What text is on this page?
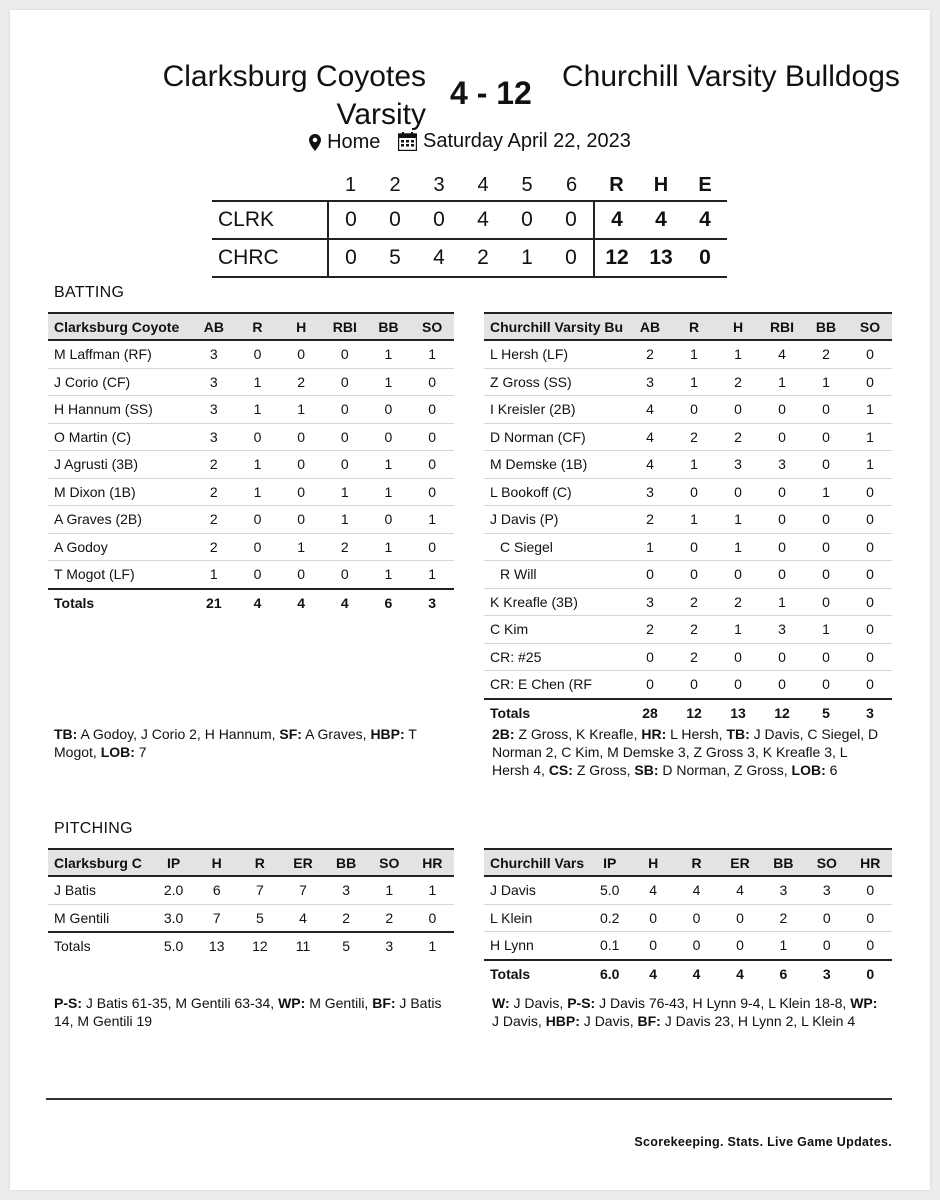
Clarksburg Coyotes Varsity
4 - 12 Churchill Varsity Bulldogs
Home
Saturday April 22, 2023
	1	2	3	4	5	6	R	H	E
CLRK	0	0	0	4	0	0	4	4	4
CHRC	0	5	4	2	1	0	12	13	0
BATTING
Clarksburg Coyote	AB	R	H	RBI	BB	SO
M Laffman (RF)	3	0	0	0	1	1
J Corio (CF)	3	1	2	0	1	0
H Hannum (SS)	3	1	1	0	0	0
O Martin (C)	3	0	0	0	0	0
J Agrusti (3B)	2	1	0	0	1	0
M Dixon (1B)	2	1	0	1	1	0
A Graves (2B)	2	0	0	1	0	1
A Godoy	2	0	1	2	1	0
T Mogot (LF)	1	0	0	0	1	1
Totals	21	4	4	4	6	3
Churchill Varsity Bu	AB	R	H	RBI	BB	SO
L Hersh (LF)	2	1	1	4	2	0
Z Gross (SS)	3	1	2	1	1	0
I Kreisler (2B)	4	0	0	0	0	1
D Norman (CF)	4	2	2	0	0	1
M Demske (1B)	4	1	3	3	0	1
L Bookoff (C)	3	0	0	0	1	0
J Davis (P)	2	1	1	0	0	0
C Siegel	1	0	1	0	0	0
R Will	0	0	0	0	0	0
K Kreafle (3B)	3	2	2	1	0	0
C Kim	2	2	1	3	1	0
CR: #25	0	2	0	0	0	0
CR: E Chen (RF	0	0	0	0	0	0
Totals	28	12	13	12	5	3
TB: A Godoy, J Corio 2, H Hannum, SF: A Graves, HBP: T Mogot, LOB: 7
2B: Z Gross, K Kreafle, HR: L Hersh, TB: J Davis, C Siegel, D Norman 2, C Kim, M Demske 3, Z Gross 3, K Kreafle 3, L Hersh 4, CS: Z Gross, SB: D Norman, Z Gross, LOB: 6
PITCHING
Clarksburg C	IP	H	R	ER	BB	SO	HR
J Batis	2.0	6	7	7	3	1	1
M Gentili	3.0	7	5	4	2	2	0
Totals	5.0	13	12	11	5	3	1
Churchill Vars	IP	H	R	ER	BB	SO	HR
J Davis	5.0	4	4	4	3	3	0
L Klein	0.2	0	0	0	2	0	0
H Lynn	0.1	0	0	0	1	0	0
Totals	6.0	4	4	4	6	3	0
P-S: J Batis 61-35, M Gentili 63-34, WP: M Gentili, BF: J Batis 14, M Gentili 19
W: J Davis, P-S: J Davis 76-43, H Lynn 9-4, L Klein 18-8, WP: J Davis, HBP: J Davis, BF: J Davis 23, H Lynn 2, L Klein 4
Scorekeeping. Stats. Live Game Updates.
